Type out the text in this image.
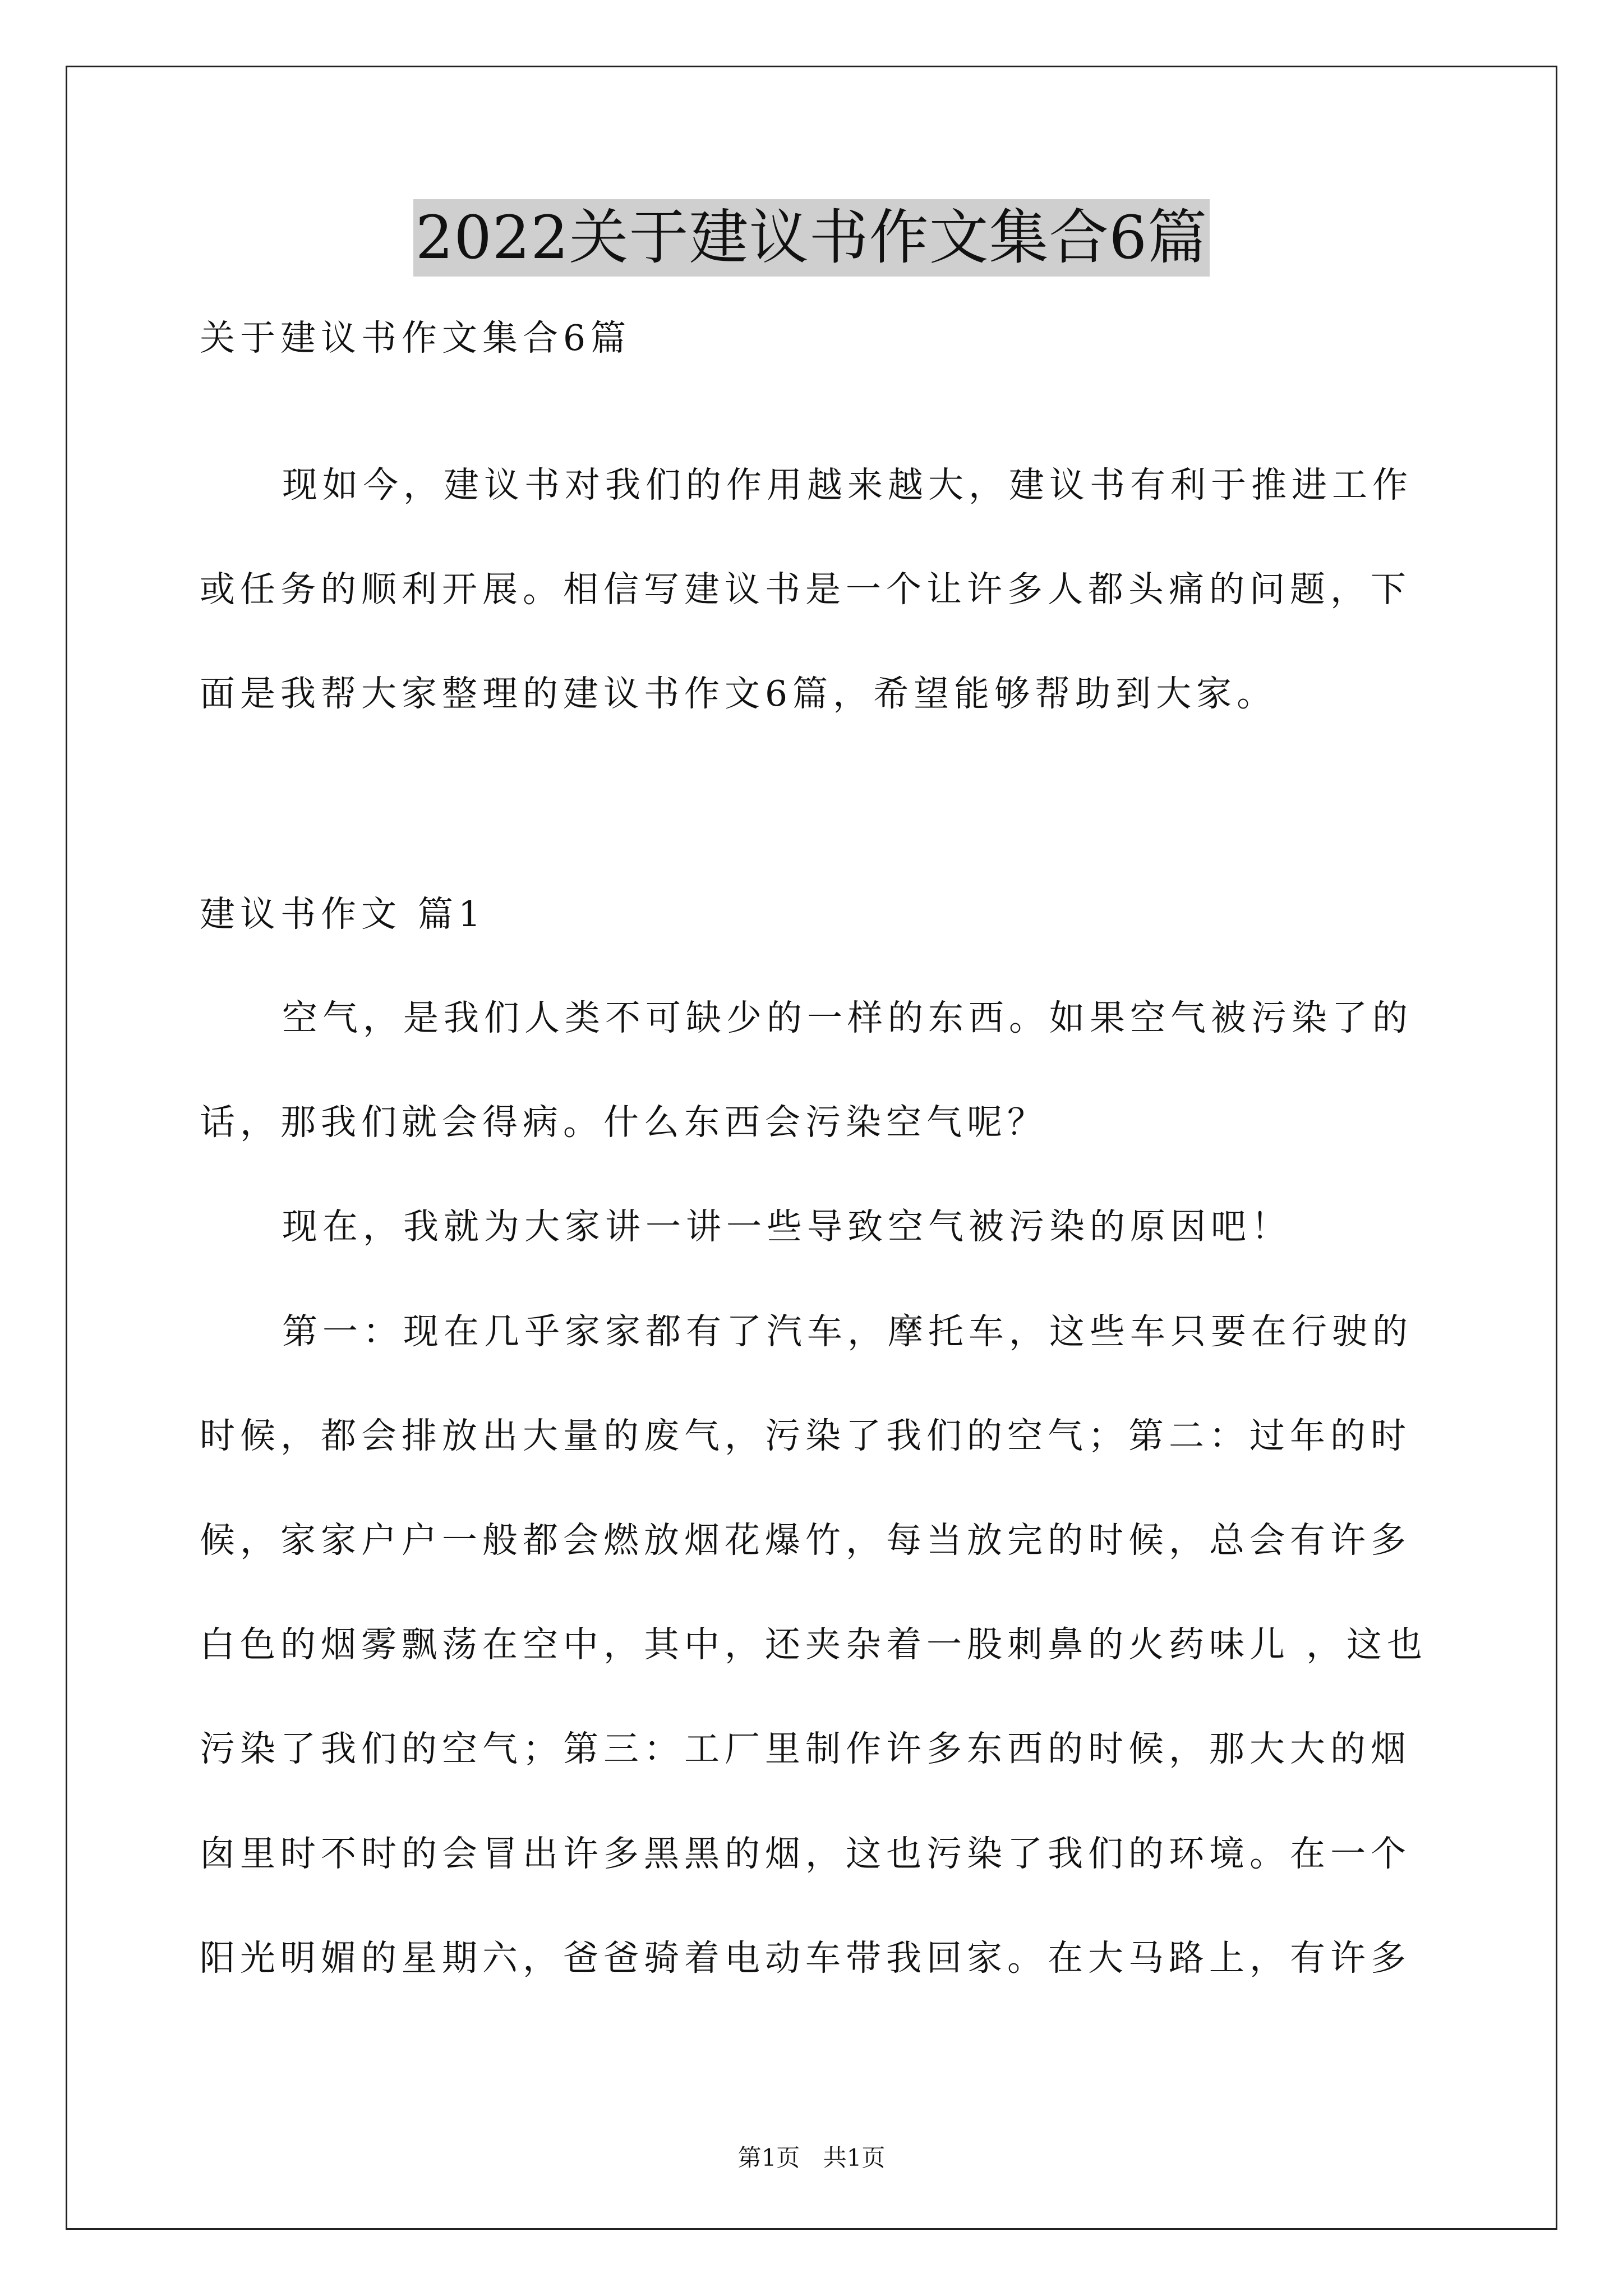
2022关于建议书作文集合6篇
关于建议书作文集合6篇
现如今，建议书对我们的作用越来越大，建议书有利于推进工作
或任务的顺利开展。相信写建议书是一个让许多人都头痛的问题，下
面是我帮大家整理的建议书作文6篇，希望能够帮助到大家。
建议书作文 篇1
空气，是我们人类不可缺少的一样的东西。如果空气被污染了的
话，那我们就会得病。什么东西会污染空气呢？
现在，我就为大家讲一讲一些导致空气被污染的原因吧！
第一：现在几乎家家都有了汽车，摩托车，这些车只要在行驶的
时候，都会排放出大量的废气，污染了我们的空气；第二：过年的时
候，家家户户一般都会燃放烟花爆竹，每当放完的时候，总会有许多
白色的烟雾飘荡在空中，其中，还夹杂着一股刺鼻的火药味儿 ，这也
污染了我们的空气；第三：工厂里制作许多东西的时候，那大大的烟
囱里时不时的会冒出许多黑黑的烟，这也污染了我们的环境。在一个
阳光明媚的星期六，爸爸骑着电动车带我回家。在大马路上，有许多
第1页 共1页
